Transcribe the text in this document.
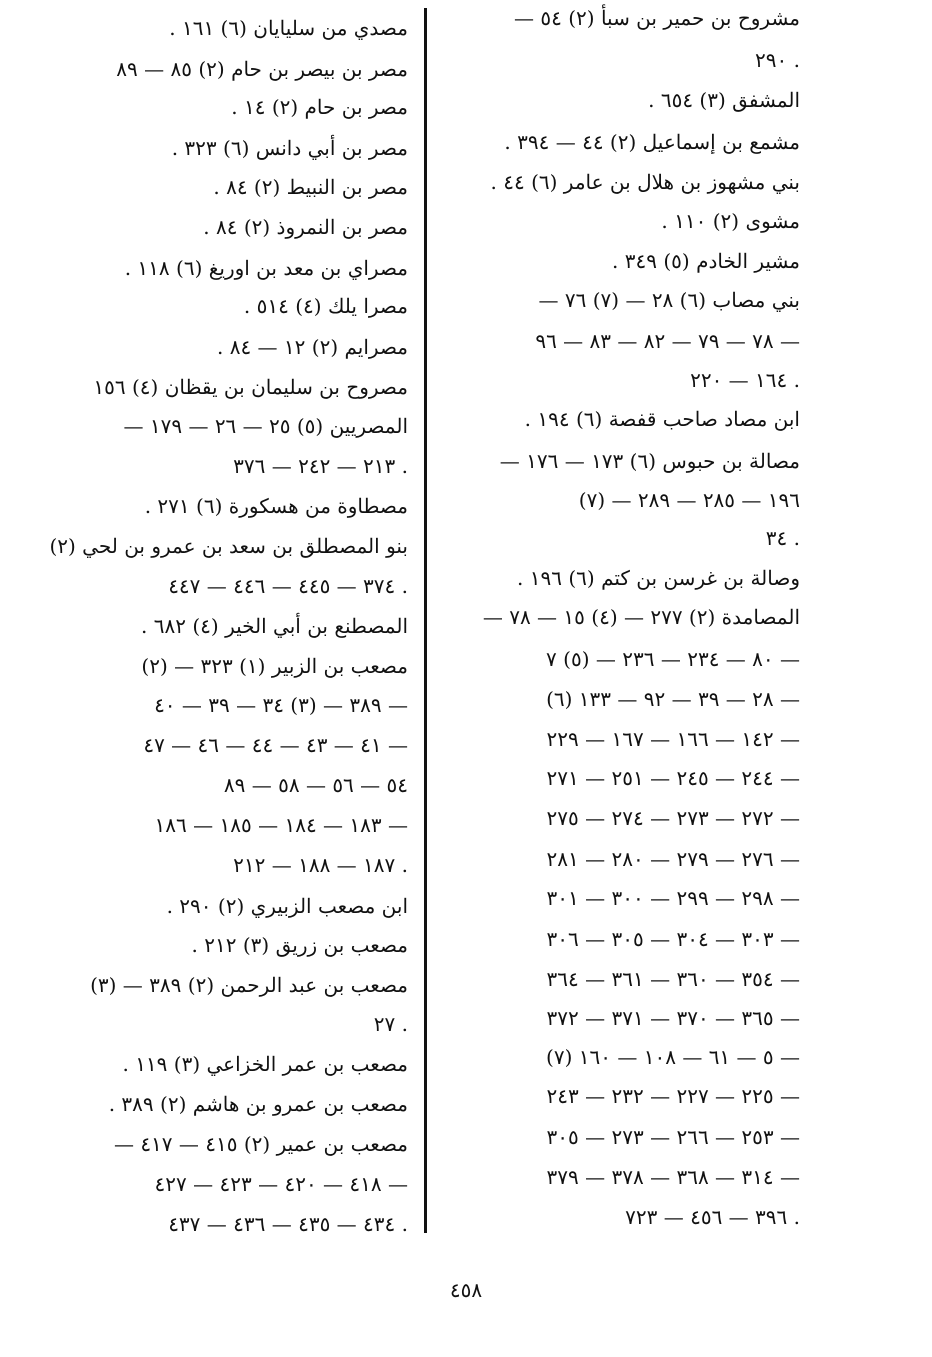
مشروح بن حمير بن سبأ (٢) ٥٤ —
٢٩٠ .
المشفق (٣) ٦٥٤ .
مشمع بن إسماعيل (٢) ٤٤ — ٣٩٤ .
بني مشهوز بن هلال بن عامر (٦) ٤٤ .
مشوى (٢) ١١٠ .
مشير الخادم (٥) ٣٤٩ .
بني مصاب (٦) ٢٨ — (٧) ٧٦ —
٧٨ — ٧٩ — ٨٢ — ٨٣ — ٩٦ —
١٦٤ — ٢٢٠ .
ابن مصاد صاحب قفصة (٦) ١٩٤ .
مصالة بن حبوس (٦) ١٧٣ — ١٧٦ —
١٩٦ — ٢٨٥ — ٢٨٩ — (٧)
٣٤ .
وصالة بن غرسن بن كتم (٦) ١٩٦ .
المصامدة (٢) ٢٧٧ — (٤) ١٥ — ٧٨ —
٨٠ — ٢٣٤ — ٢٣٦ — (٥) ٧ —
(٦) ٢٨ — ٣٩ — ٩٢ — ١٣٣ —
١٤٢ — ١٦٦ — ١٦٧ — ٢٢٩ —
٢٤٤ — ٢٤٥ — ٢٥١ — ٢٧١ —
٢٧٢ — ٢٧٣ — ٢٧٤ — ٢٧٥ —
٢٧٦ — ٢٧٩ — ٢٨٠ — ٢٨١ —
٢٩٨ — ٢٩٩ — ٣٠٠ — ٣٠١ —
٣٠٣ — ٣٠٤ — ٣٠٥ — ٣٠٦ —
٣٥٤ — ٣٦٠ — ٣٦١ — ٣٦٤ —
٣٦٥ — ٣٧٠ — ٣٧١ — ٣٧٢ —
(٧) ٥ — ٦١ — ١٠٨ — ١٦٠ —
٢٢٥ — ٢٢٧ — ٢٣٢ — ٢٤٣ —
٢٥٣ — ٢٦٦ — ٢٧٣ — ٣٠٥ —
٣١٤ — ٣٦٨ — ٣٧٨ — ٣٧٩ —
٣٩٦ — ٤٥٦ — ٧٢٣ .
مصدي من سليايان (٦) ١٦١ .
مصر بن بيصر بن حام (٢) ٨٥ — ٨٩
مصر بن حام (٢) ١٤ .
مصر بن أبي دانس (٦) ٣٢٣ .
مصر بن النبيط (٢) ٨٤ .
مصر بن النمروذ (٢) ٨٤ .
مصراي بن معد بن اوريغ (٦) ١١٨ .
مصرا يلك (٤) ٥١٤ .
مصرايم (٢) ١٢ — ٨٤ .
مصروح بن سليمان بن يقظان (٤) ١٥٦
المصريين (٥) ٢٥ — ٢٦ — ١٧٩ —
٢١٣ — ٢٤٢ — ٣٧٦ .
مصطاوة من هسكورة (٦) ٢٧١ .
بنو المصطلق بن سعد بن عمرو بن لحي (٢)
٣٧٤ — ٤٤٥ — ٤٤٦ — ٤٤٧ .
المصطنع بن أبي الخير (٤) ٦٨٢ .
مصعب بن الزبير (١) ٣٢٣ — (٢)
٣٨٩ — (٣) ٣٤ — ٣٩ — ٤٠ —
٤١ — ٤٣ — ٤٤ — ٤٦ — ٤٧ —
٥٤ — ٥٦ — ٥٨ — ٨٩
١٨٣ — ١٨٤ — ١٨٥ — ١٨٦ —
١٨٧ — ١٨٨ — ٢١٢ .
ابن مصعب الزبيري (٢) ٢٩٠ .
مصعب بن زريق (٣) ٢١٢ .
مصعب بن عبد الرحمن (٢) ٣٨٩ — (٣)
٢٧ .
مصعب بن عمر الخزاعي (٣) ١١٩ .
مصعب بن عمرو بن هاشم (٢) ٣٨٩ .
مصعب بن عمير (٢) ٤١٥ — ٤١٧ —
٤١٨ — ٤٢٠ — ٤٢٣ — ٤٢٧ —
٤٣٤ — ٤٣٥ — ٤٣٦ — ٤٣٧ .
٤٥٨
